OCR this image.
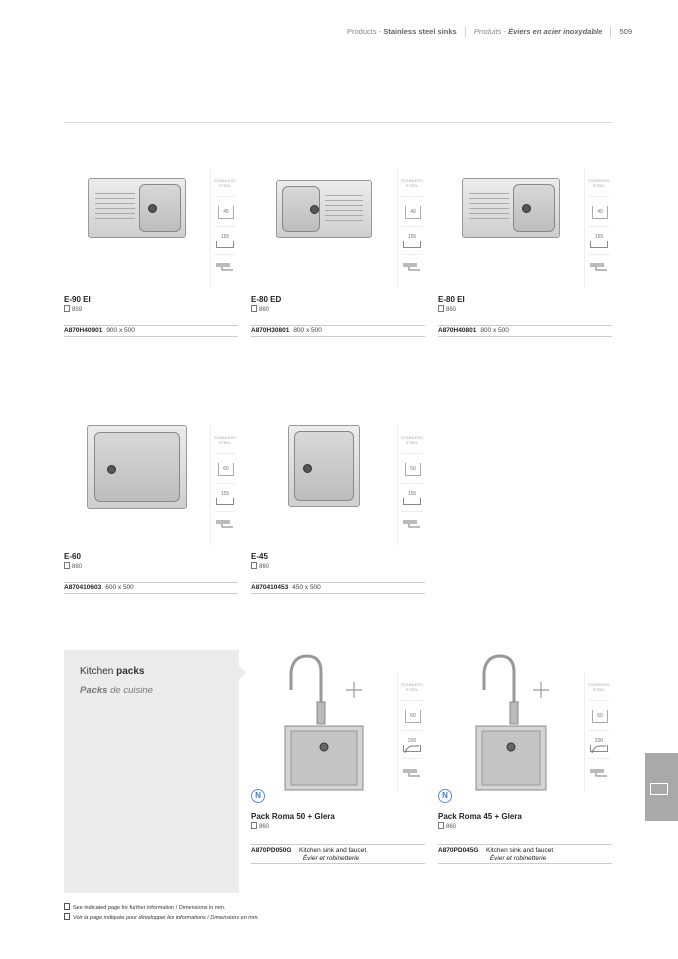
Products - Stainless steel sinks Produits - Éviers en acier inoxydable 509
STAINLESS STEEL
45
155
E-90 EI
859
A870H40901 900 x 500
STAINLESS STEEL
40
155
E-80 ED
860
A870H30801 800 x 500
STAINLESS STEEL
40
155
E-80 EI
860
A870H40801 800 x 500
STAINLESS STEEL
60
155
E-60
860
A870410603 600 x 500
STAINLESS STEEL
50
155
E-45
860
A870410453 450 x 500
Kitchen packs
Packs de cuisine
STAINLESS STEEL
60
200
N
Pack Roma 50 + Glera
860
A870PD050G Kitchen sink and faucet
Évier et robinetterie
STAINLESS STEEL
60
200
N
Pack Roma 45 + Glera
860
A870PD045G Kitchen sink and faucet
Évier et robinetterie
See indicated page for further information / Dimensions in mm.
Voir la page indiquée pour développer les informations / Dimensions en mm.
